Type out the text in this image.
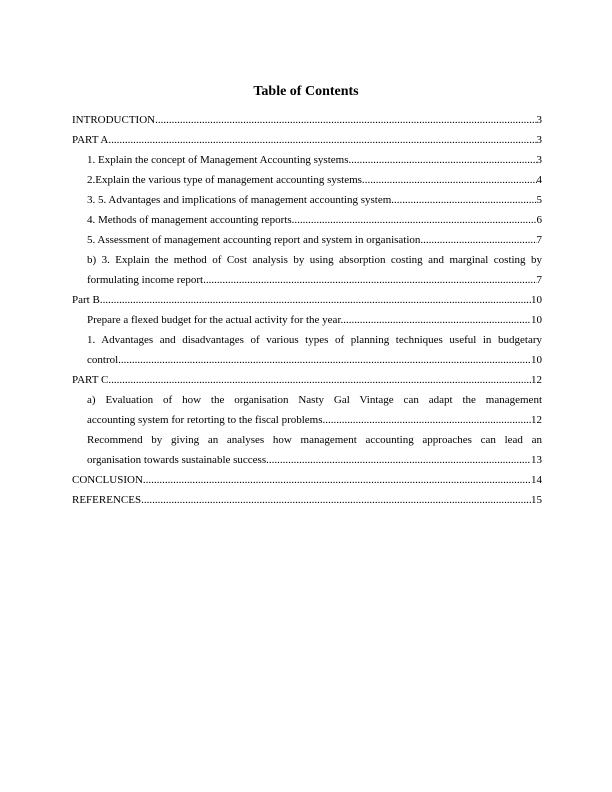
Table of Contents
INTRODUCTION .....	3
PART A .....	3
1. Explain the concept of Management Accounting systems. .....	3
2.Explain the various type of management accounting systems. .....	4
3. 5. Advantages and implications of management accounting system. .....	5
4. Methods of management accounting reports. .....	6
5. Assessment of management accounting report and system in organisation. .....	7
b) 3. Explain the method of Cost analysis by using absorption costing and marginal costing by
formulating income report .....	7
Part B .....	10
Prepare a flexed budget for the actual activity for the year. .....	10
1. Advantages and disadvantages of various types of planning techniques useful in budgetary
control .....	10
PART C .....	12
a) Evaluation of how the organisation Nasty Gal Vintage can adapt the management
accounting system for retorting to the fiscal problems. .....	12
Recommend by giving an analyses how management accounting approaches can lead an
organisation towards sustainable success. .....	13
CONCLUSION .....	14
REFERENCES .....	15
